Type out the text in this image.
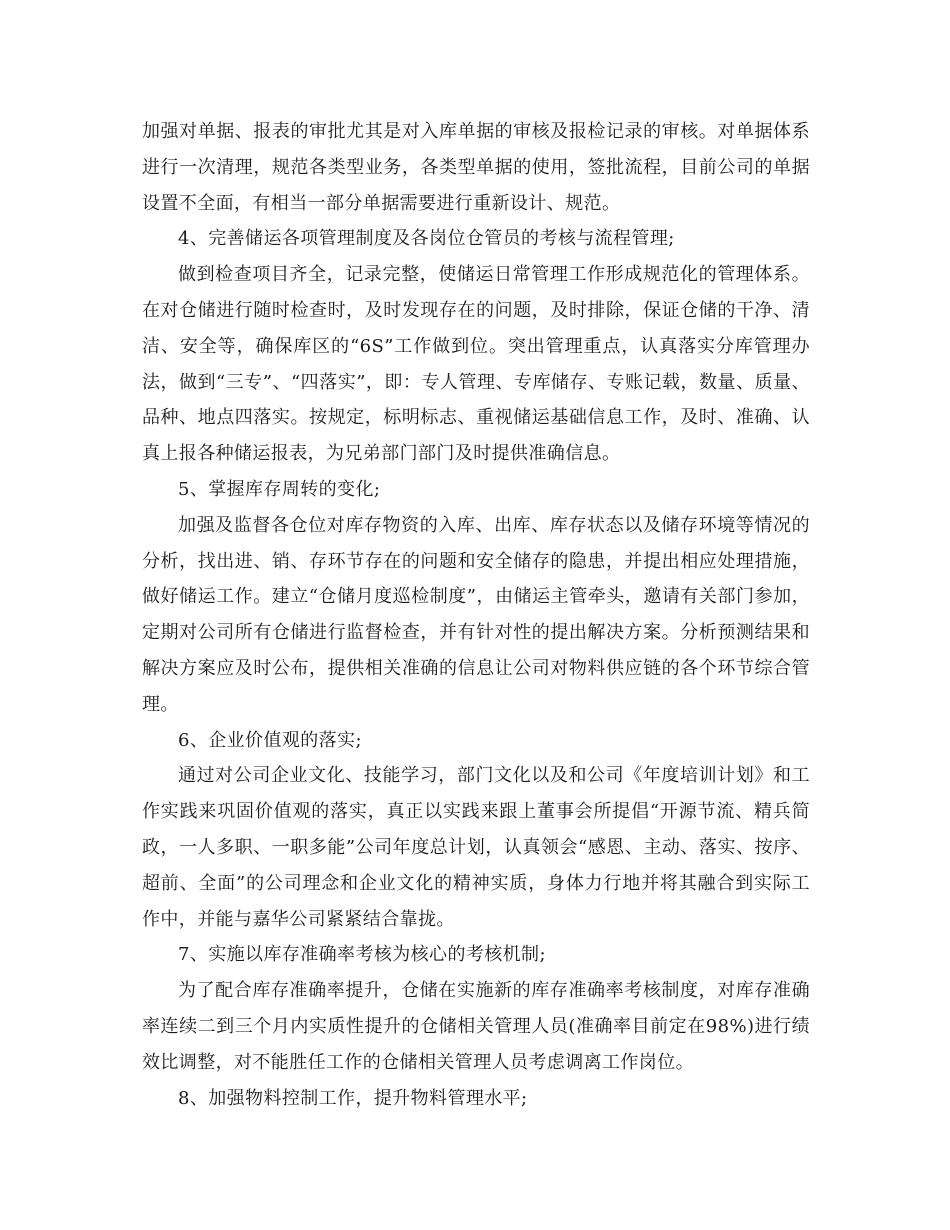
加强对单据、报表的审批尤其是对入库单据的审核及报检记录的审核。对单据体系进行一次清理，规范各类型业务，各类型单据的使用，签批流程，目前公司的单据设置不全面，有相当一部分单据需要进行重新设计、规范。

4、完善储运各项管理制度及各岗位仓管员的考核与流程管理;

做到检查项目齐全，记录完整，使储运日常管理工作形成规范化的管理体系。在对仓储进行随时检查时，及时发现存在的问题，及时排除，保证仓储的干净、清洁、安全等，确保库区的“6S”工作做到位。突出管理重点，认真落实分库管理办法，做到“三专”、“四落实”，即：专人管理、专库储存、专账记载，数量、质量、品种、地点四落实。按规定，标明标志、重视储运基础信息工作，及时、准确、认真上报各种储运报表，为兄弟部门部门及时提供准确信息。

5、掌握库存周转的变化;

加强及监督各仓位对库存物资的入库、出库、库存状态以及储存环境等情况的分析，找出进、销、存环节存在的问题和安全储存的隐患，并提出相应处理措施，做好储运工作。建立“仓储月度巡检制度”，由储运主管牵头，邀请有关部门参加，定期对公司所有仓储进行监督检查，并有针对性的提出解决方案。分析预测结果和解决方案应及时公布，提供相关准确的信息让公司对物料供应链的各个环节综合管理。

6、企业价值观的落实;

通过对公司企业文化、技能学习，部门文化以及和公司《年度培训计划》和工作实践来巩固价值观的落实，真正以实践来跟上董事会所提倡“开源节流、精兵简政，一人多职、一职多能”公司年度总计划，认真领会“感恩、主动、落实、按序、超前、全面”的公司理念和企业文化的精神实质，身体力行地并将其融合到实际工作中，并能与嘉华公司紧紧结合靠拢。

7、实施以库存准确率考核为核心的考核机制;

为了配合库存准确率提升，仓储在实施新的库存准确率考核制度，对库存准确率连续二到三个月内实质性提升的仓储相关管理人员(准确率目前定在98%)进行绩效比调整，对不能胜任工作的仓储相关管理人员考虑调离工作岗位。

8、加强物料控制工作，提升物料管理水平;
